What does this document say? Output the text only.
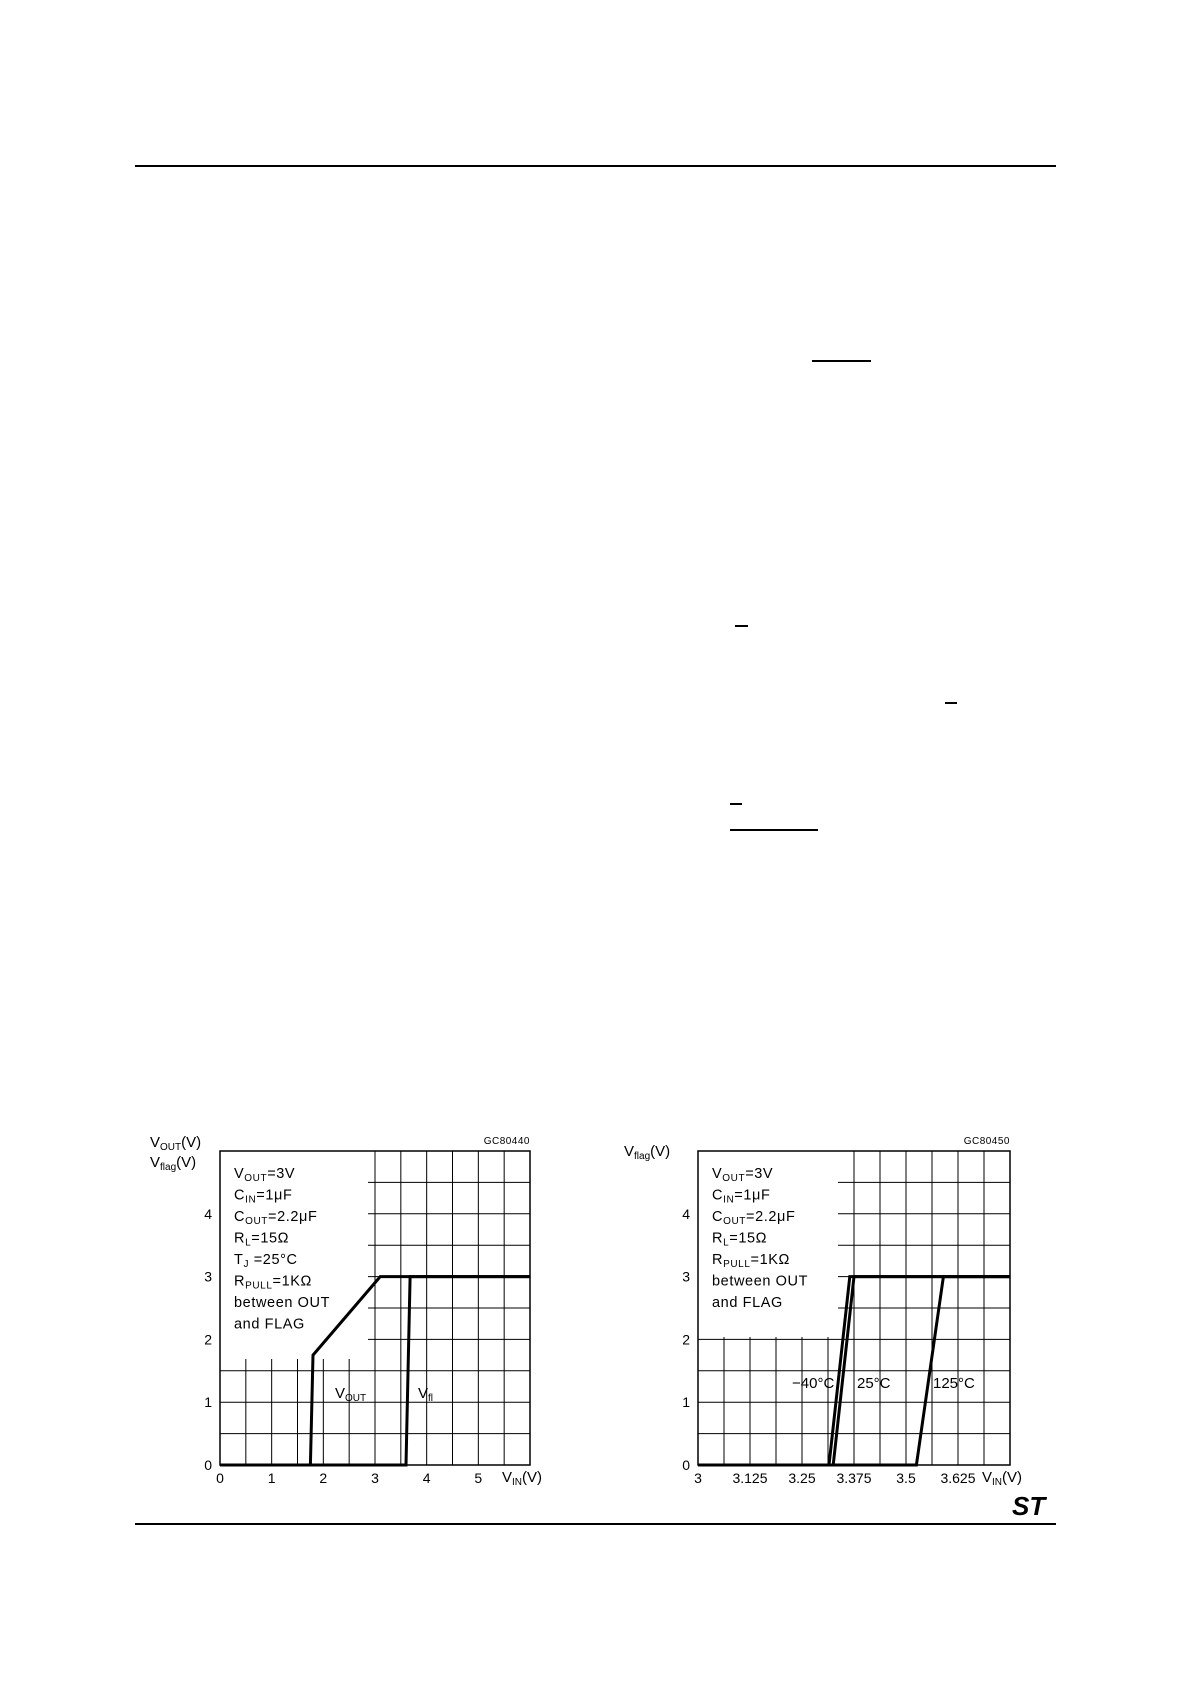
0	1	2	3	4	5
0
1
2
3
4
$V_{OUT}=3V$
$C_{IN}=1\mu F$
$C_{OUT}=2.2\mu F$
$R_L=15\Omega$
$T_J =25^\circ C$
$R_{PULL}=1K\Omega$
between OUT
and FLAG
GC80440
$V_{OUT}(V)$
$V_{flag}(V)$
$V_{IN}(V)$
$V_{OUT}$	$V_{fl}$
3 3.125 3.25 3.375 3.5 3.625
0
1
2
3
4
$V_{OUT}=3V$
$C_{IN}=1\mu F$
$C_{OUT}=2.2\mu F$
$R_L=15\Omega$
$R_{PULL}=1K\Omega$
between OUT
and FLAG
GC80450
$V_{flag}(V)$
$V_{IN}(V)$
−40°C 25°C	125°C
ST
